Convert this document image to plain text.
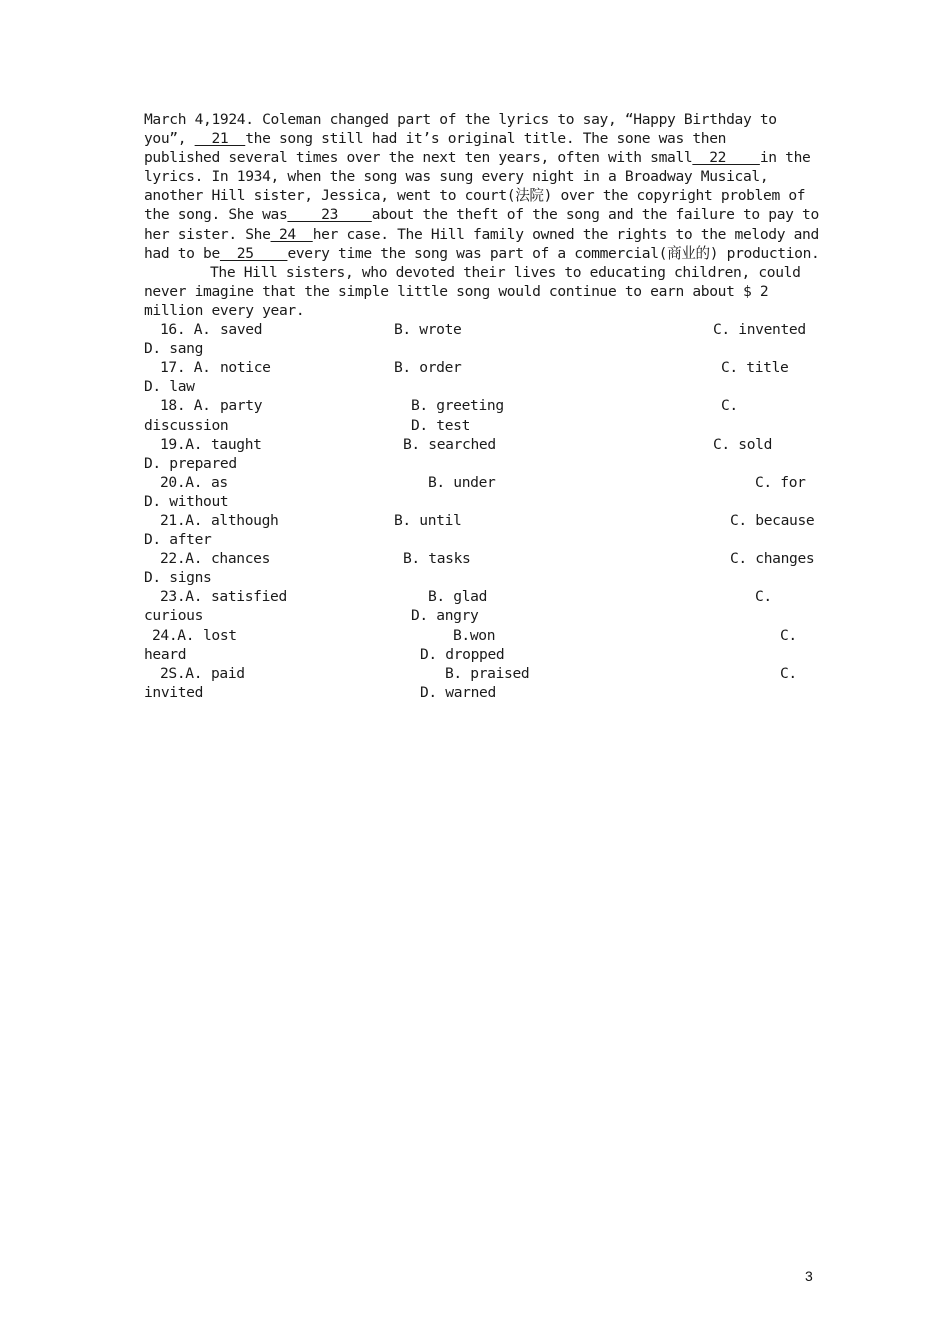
March 4,1924. Coleman changed part of the lyrics to say, “Happy Birthday to
you”,   21  the song still had it’s original title. The sone was then
published several times over the next ten years, often with small  22    in the
lyrics. In 1934, when the song was sung every night in a Broadway Musical,
another Hill sister, Jessica, went to court(法院) over the copyright problem of
the song. She was    23    about the theft of the song and the failure to pay to
her sister. She 24  her case. The Hill family owned the rights to the melody and
had to be  25    every time the song was part of a commercial(商业的) production.
The Hill sisters, who devoted their lives to educating children, could
never imagine that the simple little song would continue to earn about $ 2
million every year.

16. A.

saved

	B. wrote

	C. invented

D. sang

17. A.

notice

	B. order

	C. title

D. law

18. A.

party

	B. greeting

	C.

discussion

	D. test

19.A.

taught

	B. searched

	C. sold

D. prepared

20.A.

as

	B. under

	C. for

D. without

21.A.

although

	B. until

	C. because

D. after

22.A.

chances

	B. tasks

	C. changes

D. signs

23.A.

satisfied

	B. glad

	C.

curious

	D. angry

24.A.

lost

	B.won

	C.

heard

	D. dropped

2S.A.

paid

	B. praised

	C.

invited

	D. warned

3
